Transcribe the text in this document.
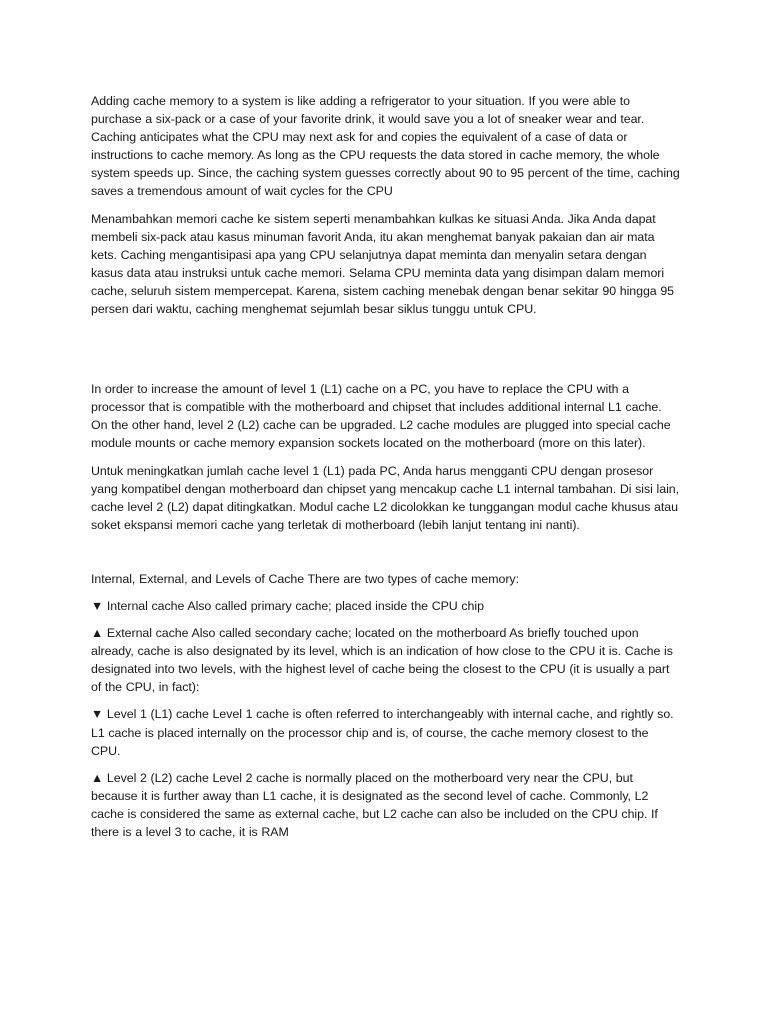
Adding cache memory to a system is like adding a refrigerator to your situation. If you were able to purchase a six-pack or a case of your favorite drink, it would save you a lot of sneaker wear and tear. Caching anticipates what the CPU may next ask for and copies the equivalent of a case of data or instructions to cache memory. As long as the CPU requests the data stored in cache memory, the whole system speeds up. Since, the caching system guesses correctly about 90 to 95 percent of the time, caching saves a tremendous amount of wait cycles for the CPU

Menambahkan memori cache ke sistem seperti menambahkan kulkas ke situasi Anda. Jika Anda dapat membeli six-pack atau kasus minuman favorit Anda, itu akan menghemat banyak pakaian dan air mata kets. Caching mengantisipasi apa yang CPU selanjutnya dapat meminta dan menyalin setara dengan kasus data atau instruksi untuk cache memori. Selama CPU meminta data yang disimpan dalam memori cache, seluruh sistem mempercepat. Karena, sistem caching menebak dengan benar sekitar 90 hingga 95 persen dari waktu, caching menghemat sejumlah besar siklus tunggu untuk CPU.

In order to increase the amount of level 1 (L1) cache on a PC, you have to replace the CPU with a processor that is compatible with the motherboard and chipset that includes additional internal L1 cache. On the other hand, level 2 (L2) cache can be upgraded. L2 cache modules are plugged into special cache module mounts or cache memory expansion sockets located on the motherboard (more on this later).

Untuk meningkatkan jumlah cache level 1 (L1) pada PC, Anda harus mengganti CPU dengan prosesor yang kompatibel dengan motherboard dan chipset yang mencakup cache L1 internal tambahan. Di sisi lain, cache level 2 (L2) dapat ditingkatkan. Modul cache L2 dicolokkan ke tunggangan modul cache khusus atau soket ekspansi memori cache yang terletak di motherboard (lebih lanjut tentang ini nanti).

Internal, External, and Levels of Cache There are two types of cache memory:

▼ Internal cache Also called primary cache; placed inside the CPU chip

▲ External cache Also called secondary cache; located on the motherboard As briefly touched upon already, cache is also designated by its level, which is an indication of how close to the CPU it is. Cache is designated into two levels, with the highest level of cache being the closest to the CPU (it is usually a part of the CPU, in fact):

▼ Level 1 (L1) cache Level 1 cache is often referred to interchangeably with internal cache, and rightly so. L1 cache is placed internally on the processor chip and is, of course, the cache memory closest to the CPU.

▲ Level 2 (L2) cache Level 2 cache is normally placed on the motherboard very near the CPU, but because it is further away than L1 cache, it is designated as the second level of cache. Commonly, L2 cache is considered the same as external cache, but L2 cache can also be included on the CPU chip. If there is a level 3 to cache, it is RAM
